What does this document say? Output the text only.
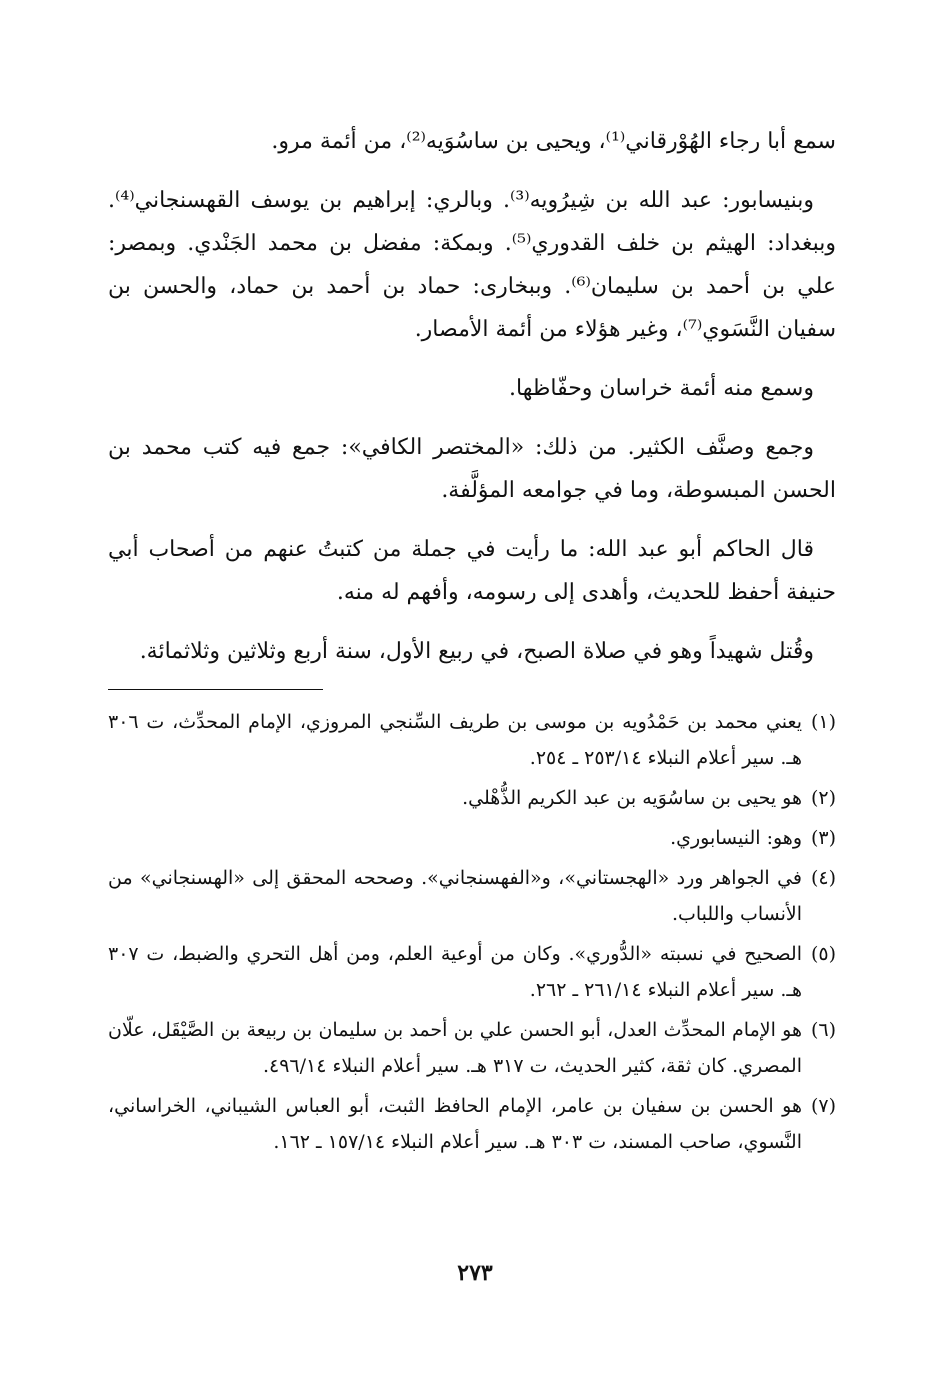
سمع أبا رجاء الهُوْرقاني⁽¹⁾، ويحيى بن ساسُوَيه⁽²⁾، من أئمة مرو.

وبنيسابور: عبد الله بن شِيرُويه⁽³⁾. وبالري: إبراهيم بن يوسف القهسنجاني⁽⁴⁾. وببغداد: الهيثم بن خلف القدوري⁽⁵⁾. وبمكة: مفضل بن محمد الجَنْدي. وبمصر: علي بن أحمد بن سليمان⁽⁶⁾. وببخارى: حماد بن أحمد بن حماد، والحسن بن سفيان النَّسَوي⁽⁷⁾، وغير هؤلاء من أئمة الأمصار.

وسمع منه أئمة خراسان وحفّاظها.

وجمع وصنَّف الكثير. من ذلك: «المختصر الكافي»: جمع فيه كتب محمد بن الحسن المبسوطة، وما في جوامعه المؤلَّفة.

قال الحاكم أبو عبد الله: ما رأيت في جملة من كتبتُ عنهم من أصحاب أبي حنيفة أحفظ للحديث، وأهدى إلى رسومه، وأفهم له منه.

وقُتل شهيداً وهو في صلاة الصبح، في ربيع الأول، سنة أربع وثلاثين وثلاثمائة.

(١)
يعني محمد بن حَمْدُويه بن موسى بن طريف السِّنجي المروزي، الإمام المحدِّث، ت ٣٠٦ هـ. سير أعلام النبلاء ٢٥٣/١٤ ـ ٢٥٤.
(٢)
هو يحيى بن ساسُوَيه بن عبد الكريم الذُّهْلي.
(٣)
وهو: النيسابوري.
(٤)
في الجواهر ورد «الهجستاني»، و«الفهسنجاني». وصححه المحقق إلى «الهسنجاني» من الأنساب واللباب.
(٥)
الصحيح في نسبته «الدُّوري». وكان من أوعية العلم، ومن أهل التحري والضبط، ت ٣٠٧ هـ. سير أعلام النبلاء ٢٦١/١٤ ـ ٢٦٢.
(٦)
هو الإمام المحدِّث العدل، أبو الحسن علي بن أحمد بن سليمان بن ربيعة بن الصَّيْقَل، علّان المصري. كان ثقة، كثير الحديث، ت ٣١٧ هـ. سير أعلام النبلاء ٤٩٦/١٤.
(٧)
هو الحسن بن سفيان بن عامر، الإمام الحافظ الثبت، أبو العباس الشيباني، الخراساني، النَّسوي، صاحب المسند، ت ٣٠٣ هـ. سير أعلام النبلاء ١٥٧/١٤ ـ ١٦٢.
٢٧٣
